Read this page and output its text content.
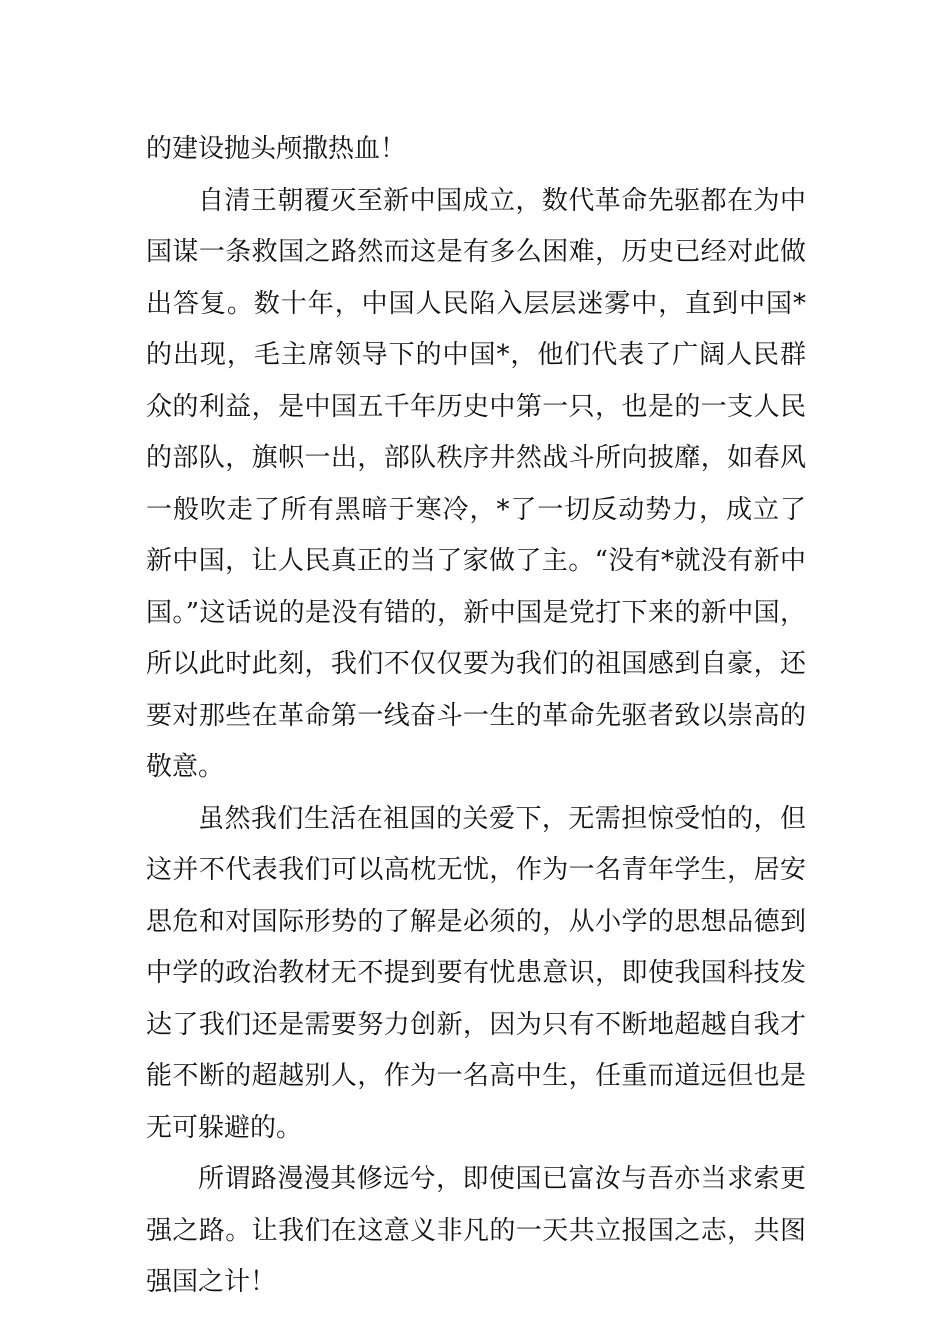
的建设抛头颅撒热血！

自清王朝覆灭至新中国成立，数代革命先驱都在为中国谋一条救国之路然而这是有多么困难，历史已经对此做出答复。数十年，中国人民陷入层层迷雾中，直到中国*的出现，毛主席领导下的中国*，他们代表了广阔人民群众的利益，是中国五千年历史中第一只，也是的一支人民的部队，旗帜一出，部队秩序井然战斗所向披靡，如春风一般吹走了所有黑暗于寒冷，*了一切反动势力，成立了新中国，让人民真正的当了家做了主。“没有*就没有新中国。”这话说的是没有错的，新中国是党打下来的新中国，所以此时此刻，我们不仅仅要为我们的祖国感到自豪，还要对那些在革命第一线奋斗一生的革命先驱者致以崇高的敬意。

虽然我们生活在祖国的关爱下，无需担惊受怕的，但这并不代表我们可以高枕无忧，作为一名青年学生，居安思危和对国际形势的了解是必须的，从小学的思想品德到中学的政治教材无不提到要有忧患意识，即使我国科技发达了我们还是需要努力创新，因为只有不断地超越自我才能不断的超越别人，作为一名高中生，任重而道远但也是无可躲避的。

所谓路漫漫其修远兮，即使国已富汝与吾亦当求索更强之路。让我们在这意义非凡的一天共立报国之志，共图强国之计！
